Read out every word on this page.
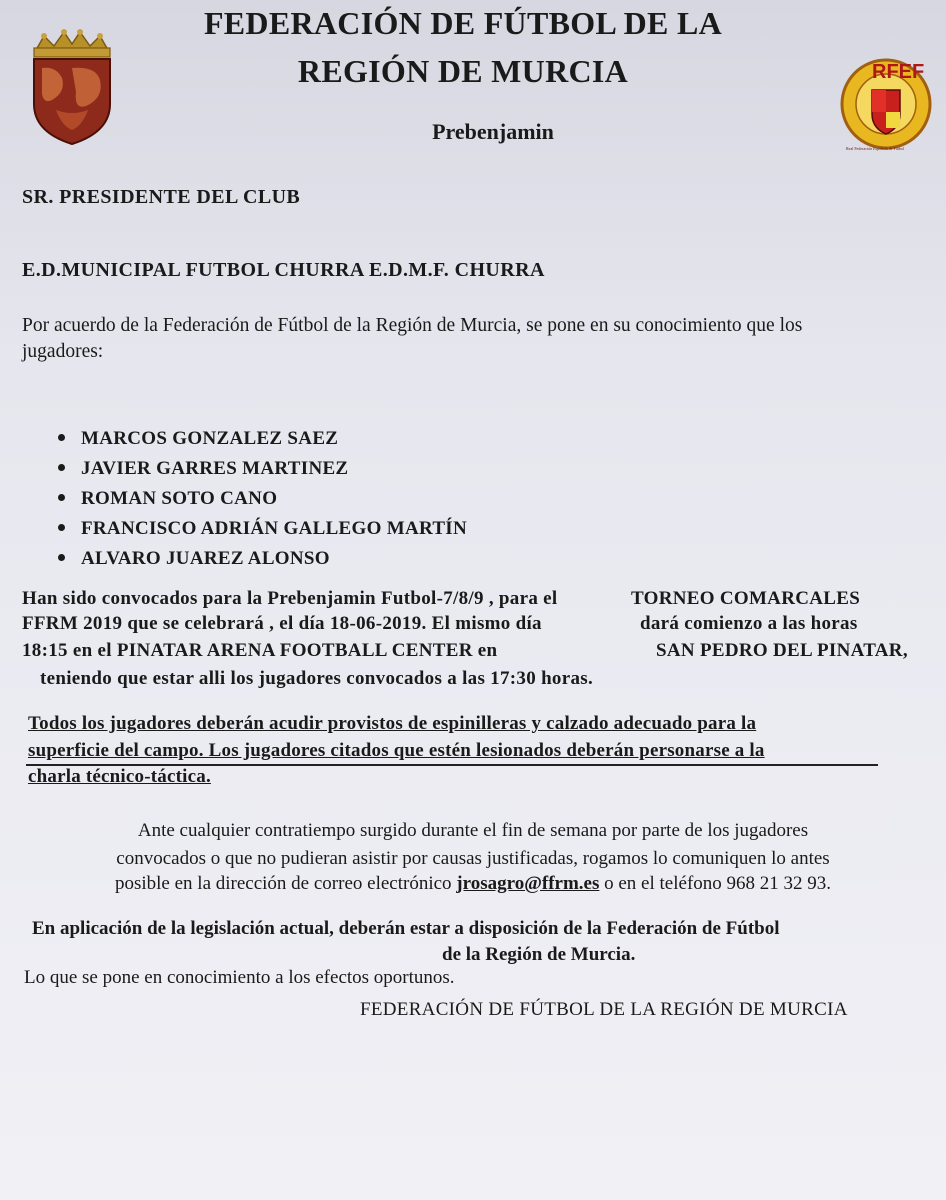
FEDERACIÓN DE FÚTBOL DE LA
REGIÓN DE MURCIA
Prebenjamin
RFEF
Real Federación Española de Fútbol
SR. PRESIDENTE DEL CLUB
E.D.MUNICIPAL FUTBOL CHURRA E.D.M.F. CHURRA
Por acuerdo de la Federación de Fútbol de la Región de Murcia, se pone en su conocimiento que los
jugadores:
MARCOS GONZALEZ SAEZ
JAVIER GARRES MARTINEZ
ROMAN SOTO CANO
FRANCISCO ADRIÁN GALLEGO MARTÍN
ALVARO JUAREZ ALONSO
Han sido convocados para la Prebenjamin Futbol-7/8/9 , para el	TORNEO COMARCALES
FFRM 2019 que se celebrará , el día 18-06-2019. El mismo día	dará comienzo a las horas
18:15 en el PINATAR ARENA FOOTBALL CENTER en	SAN PEDRO DEL PINATAR,
teniendo que estar alli los jugadores convocados a las 17:30 horas.
Todos los jugadores deberán acudir provistos de espinilleras y calzado adecuado para la
superficie del campo. Los jugadores citados que estén lesionados deberán personarse a la
charla técnico-táctica.
Ante cualquier contratiempo surgido durante el fin de semana por parte de los jugadores
convocados o que no pudieran asistir por causas justificadas, rogamos lo comuniquen lo antes
posible en la dirección de correo electrónico jrosagro@ffrm.es o en el teléfono 968 21 32 93.
En aplicación de la legislación actual, deberán estar a disposición de la Federación de Fútbol
de la Región de Murcia.
Lo que se pone en conocimiento a los efectos oportunos.
FEDERACIÓN DE FÚTBOL DE LA REGIÓN DE MURCIA
